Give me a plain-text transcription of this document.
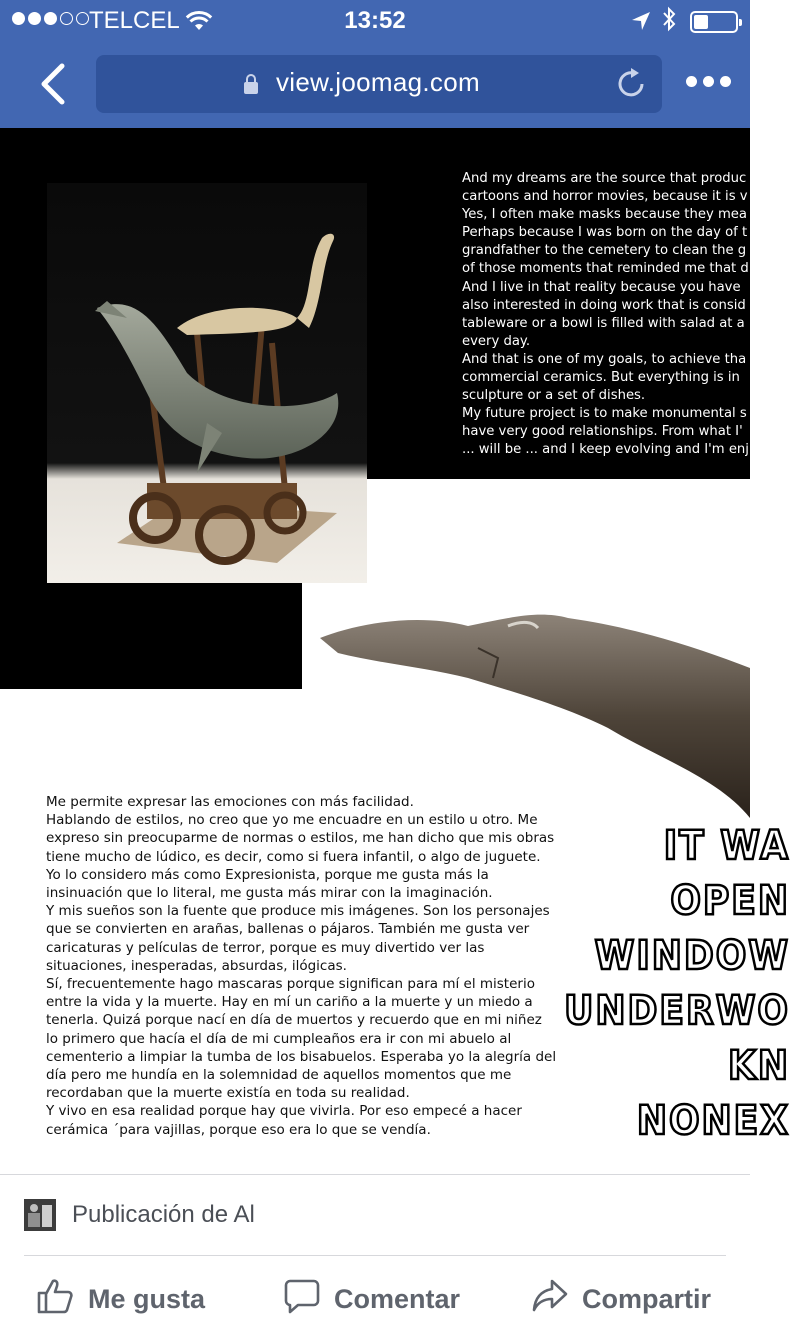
TELCEL	13:52
view.joomag.com
And my dreams are the source that produc
cartoons and horror movies, because it is v
Yes, I often make masks because they mea
Perhaps because I was born on the day of t
grandfather to the cemetery to clean the g
of those moments that reminded me that d
And I live in that reality because you have
also interested in doing work that is consid
tableware or a bowl is filled with salad at a
every day.
And that is one of my goals, to achieve tha
commercial ceramics. But everything is in
sculpture or a set of dishes.
My future project is to make monumental s
have very good relationships. From what I'
... will be ... and I keep evolving and I'm enj
Me permite expresar las emociones con más facilidad.
Hablando de estilos, no creo que yo me encuadre en un estilo u otro. Me
expreso sin preocuparme de normas o estilos, me han dicho que mis obras
tiene mucho de lúdico, es decir, como si fuera infantil, o algo de juguete.
Yo lo considero más como Expresionista, porque me gusta más la
insinuación que lo literal, me gusta más mirar con la imaginación.
Y mis sueños son la fuente que produce mis imágenes. Son los personajes
que se convierten en arañas, ballenas o pájaros. También me gusta ver
caricaturas y películas de terror, porque es muy divertido ver las
situaciones, inesperadas, absurdas, ilógicas.
Sí, frecuentemente hago mascaras porque significan para mí el misterio
entre la vida y la muerte. Hay en mí un cariño a la muerte y un miedo a
tenerla. Quizá porque nací en día de muertos y recuerdo que en mi niñez
lo primero que hacía el día de mi cumpleaños era ir con mi abuelo al
cementerio a limpiar la tumba de los bisabuelos. Esperaba yo la alegría del
día pero me hundía en la solemnidad de aquellos momentos que me
recordaban que la muerte existía en toda su realidad.
Y vivo en esa realidad porque hay que vivirla. Por eso empecé a hacer
cerámica ´para vajillas, porque eso era lo que se vendía.
IT WA
OPEN
WINDOW
UNDERWO
KN
NONEX
Publicación de Al
Me gusta	Comentar	Compartir
